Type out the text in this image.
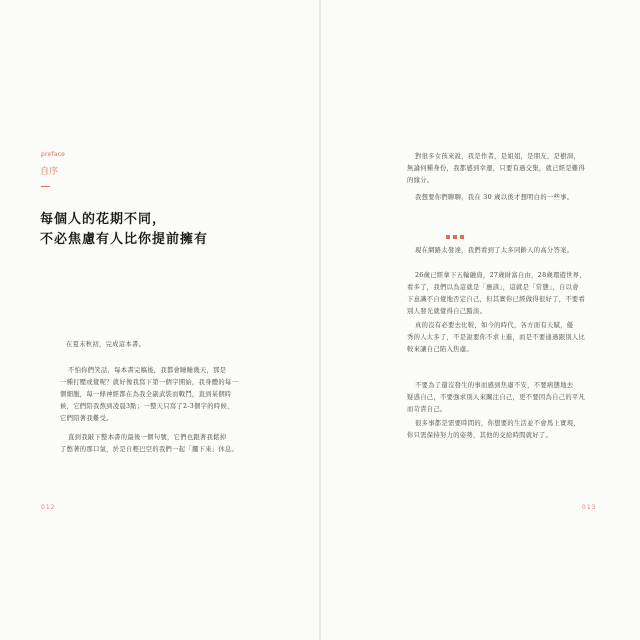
preface
自序
每個人的花期不同，
不必焦慮有人比你提前擁有
在夏末秋初，完成這本書。
不怕你們笑話，每本書完稿後，我都會睡睡幾天，那是
一種打壓或覺呢？就好像我寫下第一個字開始，我身體的每一
個細胞，每一條神經都在為我全副武裝而戰鬥，直到某個時
候，它們陪我熬到凌晨3點；一整天只寫了2-3個字的時候，
它們陪著我難受。
直到我敲下整本書的最後一個句號，它們也跟著我鬆掉
了憋著的那口氣，於是自輕巴空的我們一起「擱下來」休息。
012
對很多女孩來說，我是作者，是姐姐，是朋友，是樹洞，
無論何種身份，我都感到幸運，只要有過交集，就已經是難得
的緣分。
我想要你們聊聊，我在 30 歲以後才想明白的一些事。
現在網路太發達，我們看到了太多同齡人的高分答案。
26歲已經拿下五輪融資，27歲財富自由，28歲環遊世界，
看多了，我們以為這就是「應該」，這就是「常態」，自以會
下意識不自覺地否定自己，但其實你已經做得很好了，不要看
別人發光就覺得自己黯淡。
真的沒有必要去比較，如今的時代，各方面有天賦，優
秀的人太多了，不是說要你不求上進，而是不要通過跟別人比
較來讓自己陷入焦慮。
不要為了還沒發生的事而感到焦慮不安，不要病態地去
疑惑自己，不要強求別人來關注自己，更不要因為自己的平凡
而苛責自己。
很多事都是需要時間的，你想要的生活並不會馬上實現，
你只需保持努力的姿勢，其他的交給時間就好了。
013
